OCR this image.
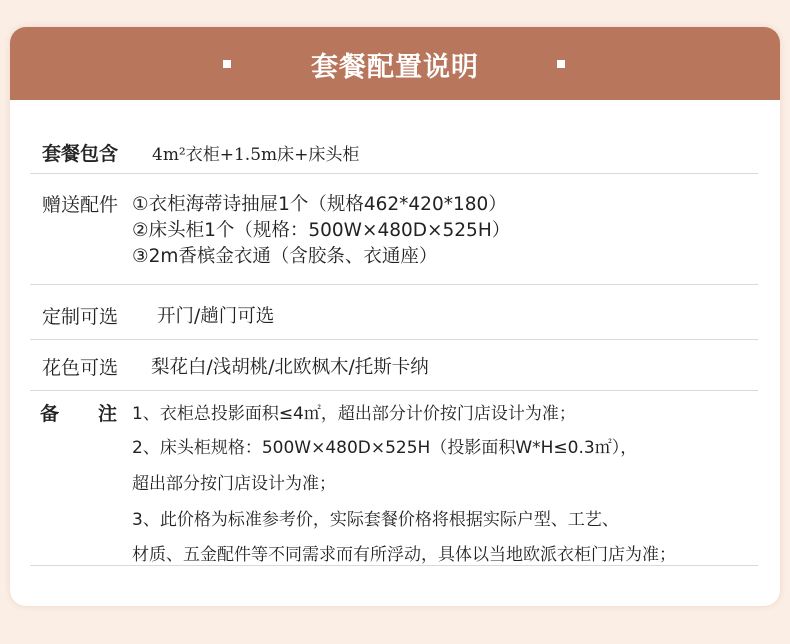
套餐配置说明
套餐包含 4m²衣柜+1.5m床+床头柜
赠送配件 ①衣柜海蒂诗抽屉1个（规格462*420*180）
②床头柜1个（规格：500W×480D×525H）
③2m香槟金衣通（含胶条、衣通座）
定制可选 开门/趟门可选
花色可选 梨花白/浅胡桃/北欧枫木/托斯卡纳
备 注 1、衣柜总投影面积≤4㎡，超出部分计价按门店设计为准；
2、床头柜规格：500W×480D×525H（投影面积W*H≤0.3㎡），
超出部分按门店设计为准；
3、此价格为标准参考价，实际套餐价格将根据实际户型、工艺、
材质、五金配件等不同需求而有所浮动，具体以当地欧派衣柜门店为准；
